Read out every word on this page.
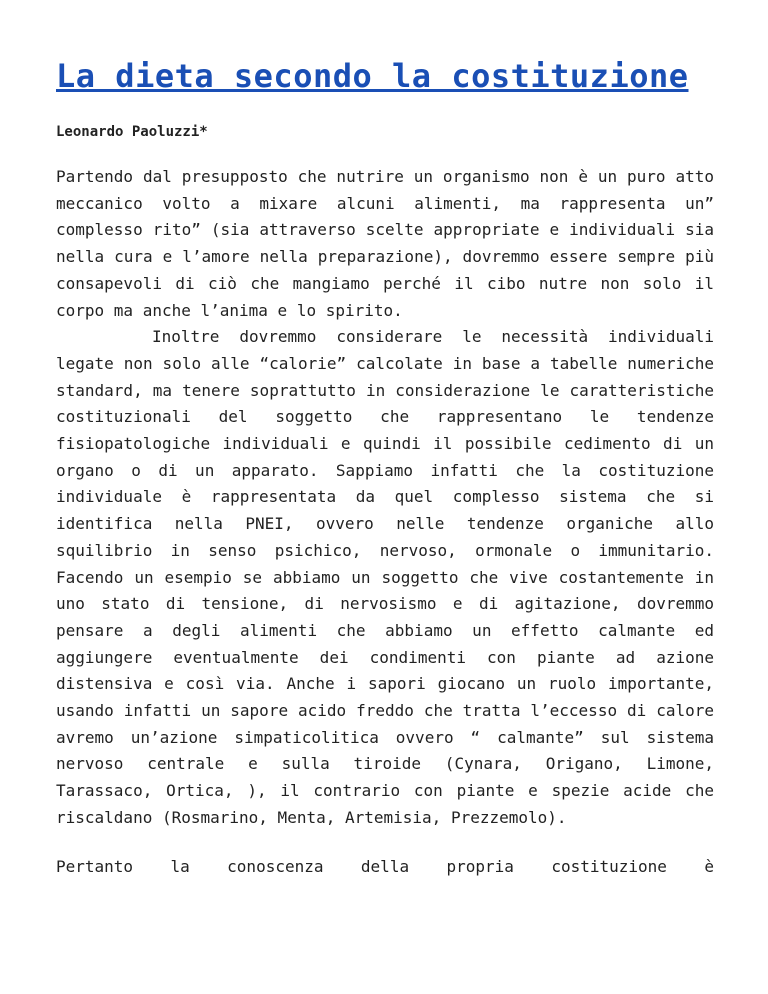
La dieta secondo la costituzione

Leonardo Paoluzzi*

Partendo dal presupposto che nutrire un organismo non è un puro atto meccanico volto a mixare alcuni alimenti, ma rappresenta un” complesso rito” (sia attraverso scelte appropriate e individuali sia nella cura e l’amore nella preparazione), dovremmo essere sempre più consapevoli di ciò che mangiamo perché il cibo nutre non solo il corpo ma anche l’anima e lo spirito.
Inoltre dovremmo considerare le necessità individuali legate non solo alle “calorie” calcolate in base a tabelle numeriche standard, ma tenere soprattutto in considerazione le caratteristiche costituzionali del soggetto che rappresentano le tendenze fisiopatologiche individuali e quindi il possibile cedimento di un organo o di un apparato. Sappiamo infatti che la costituzione individuale è rappresentata da quel complesso sistema che si identifica nella PNEI, ovvero nelle tendenze organiche allo squilibrio in senso psichico, nervoso, ormonale o immunitario. Facendo un esempio se abbiamo un soggetto che vive costantemente in uno stato di tensione, di nervosismo e di agitazione, dovremmo pensare a degli alimenti che abbiamo un effetto calmante ed aggiungere eventualmente dei condimenti con piante ad azione distensiva e così via. Anche i sapori giocano un ruolo importante, usando infatti un sapore acido freddo che tratta l’eccesso di calore avremo un’azione simpaticolitica ovvero “ calmante” sul sistema nervoso centrale e sulla tiroide (Cynara, Origano, Limone, Tarassaco, Ortica, ), il contrario con piante e spezie acide che riscaldano (Rosmarino, Menta, Artemisia, Prezzemolo).

Pertanto la conoscenza della propria costituzione è
